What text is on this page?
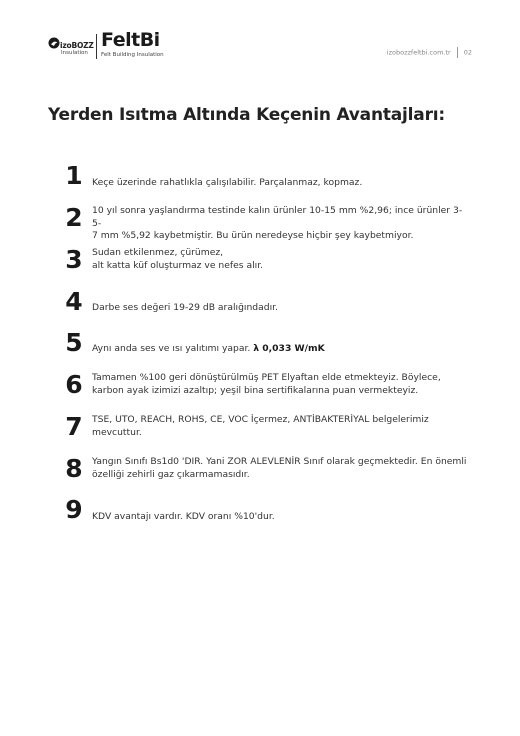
izoBOZZ
Insulation
FeltBi
Felt Building Insulation	izobozzfeltbi.com.tr 02
Yerden Isıtma Altında Keçenin Avantajları:
1	Keçe üzerinde rahatlıkla çalışılabilir. Parçalanmaz, kopmaz.
2	10 yıl sonra yaşlandırma testinde kalın ürünler 10-15 mm %2,96; ince ürünler 3-5-
7 mm %5,92 kaybetmiştir. Bu ürün neredeyse hiçbir şey kaybetmiyor.
3	Sudan etkilenmez, çürümez,
alt katta küf oluşturmaz ve nefes alır.
4	Darbe ses değeri 19-29 dB aralığındadır.
5	Aynı anda ses ve ısı yalıtımı yapar. λ 0,033 W/mK
6	Tamamen %100 geri dönüştürülmüş PET Elyaftan elde etmekteyiz. Böylece,
karbon ayak izimizi azaltıp; yeşil bina sertifikalarına puan vermekteyiz.
7	TSE, UTO, REACH, ROHS, CE, VOC İçermez, ANTİBAKTERİYAL belgelerimiz
mevcuttur.
8	Yangın Sınıfı Bs1d0 'DIR. Yani ZOR ALEVLENİR Sınıf olarak geçmektedir. En önemli
özelliği zehirli gaz çıkarmamasıdır.
9	KDV avantajı vardır. KDV oranı %10'dur.
